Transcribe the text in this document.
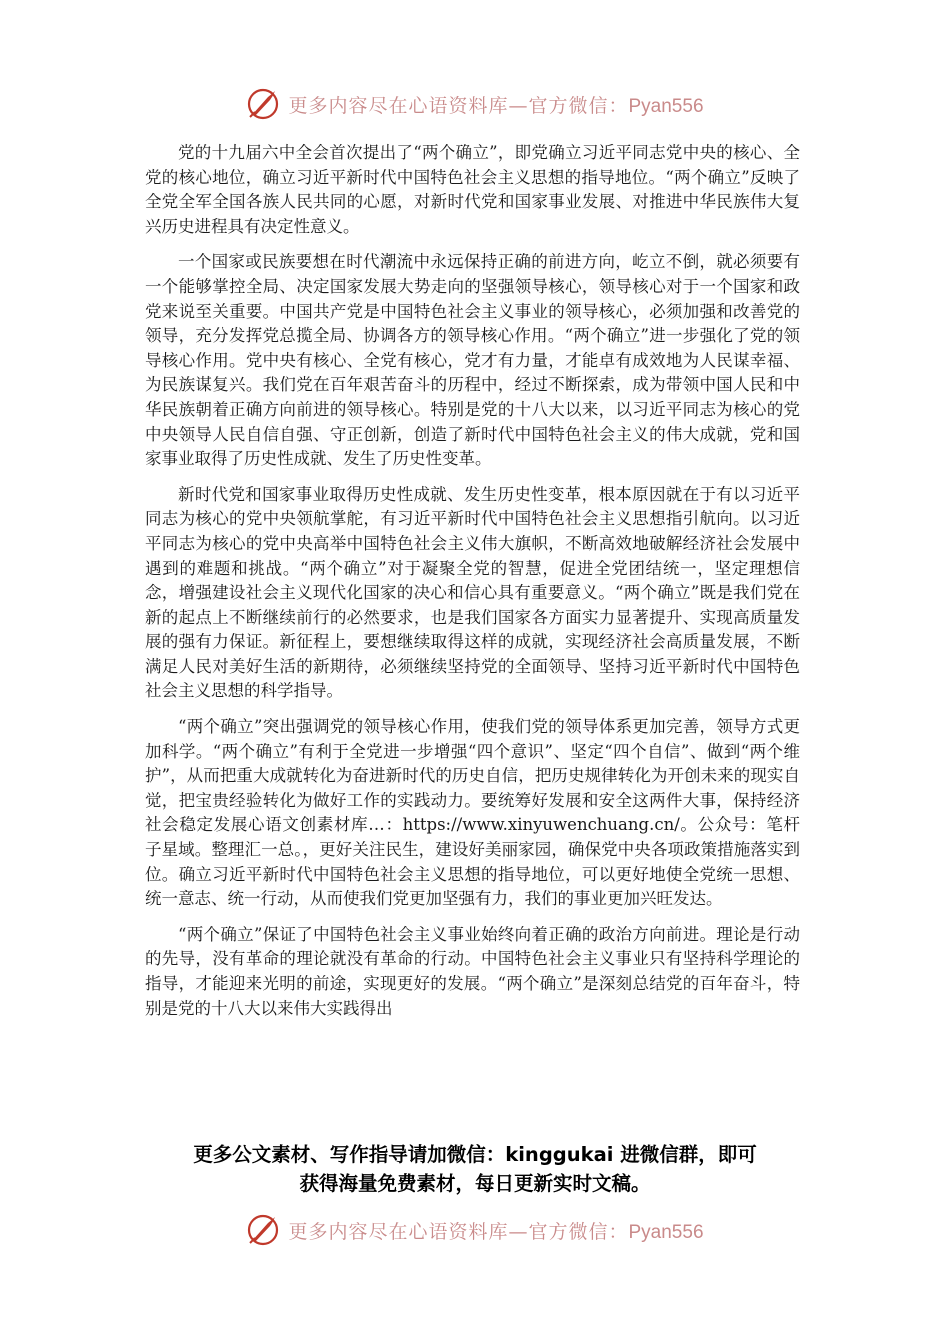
更多内容尽在心语资料库—官方微信：Pyan556

党的十九届六中全会首次提出了“两个确立”，即党确立习近平同志党中央的核心、全党的核心地位，确立习近平新时代中国特色社会主义思想的指导地位。“两个确立”反映了全党全军全国各族人民共同的心愿，对新时代党和国家事业发展、对推进中华民族伟大复兴历史进程具有决定性意义。

一个国家或民族要想在时代潮流中永远保持正确的前进方向，屹立不倒，就必须要有一个能够掌控全局、决定国家发展大势走向的坚强领导核心，领导核心对于一个国家和政党来说至关重要。中国共产党是中国特色社会主义事业的领导核心，必须加强和改善党的领导，充分发挥党总揽全局、协调各方的领导核心作用。“两个确立”进一步强化了党的领导核心作用。党中央有核心、全党有核心，党才有力量，才能卓有成效地为人民谋幸福、为民族谋复兴。我们党在百年艰苦奋斗的历程中，经过不断探索，成为带领中国人民和中华民族朝着正确方向前进的领导核心。特别是党的十八大以来，以习近平同志为核心的党中央领导人民自信自强、守正创新，创造了新时代中国特色社会主义的伟大成就，党和国家事业取得了历史性成就、发生了历史性变革。

新时代党和国家事业取得历史性成就、发生历史性变革，根本原因就在于有以习近平同志为核心的党中央领航掌舵，有习近平新时代中国特色社会主义思想指引航向。以习近平同志为核心的党中央高举中国特色社会主义伟大旗帜，不断高效地破解经济社会发展中遇到的难题和挑战。“两个确立”对于凝聚全党的智慧，促进全党团结统一，坚定理想信念，增强建设社会主义现代化国家的决心和信心具有重要意义。“两个确立”既是我们党在新的起点上不断继续前行的必然要求，也是我们国家各方面实力显著提升、实现高质量发展的强有力保证。新征程上，要想继续取得这样的成就，实现经济社会高质量发展，不断满足人民对美好生活的新期待，必须继续坚持党的全面领导、坚持习近平新时代中国特色社会主义思想的科学指导。

“两个确立”突出强调党的领导核心作用，使我们党的领导体系更加完善，领导方式更加科学。“两个确立”有利于全党进一步增强“四个意识”、坚定“四个自信”、做到“两个维护”，从而把重大成就转化为奋进新时代的历史自信，把历史规律转化为开创未来的现实自觉，把宝贵经验转化为做好工作的实践动力。要统筹好发展和安全这两件大事，保持经济社会稳定发展心语文创素材库…：https://www.xinyuwenchuang.cn/。公众号：笔杆子星域。整理汇一总。，更好关注民生，建设好美丽家园，确保党中央各项政策措施落实到位。确立习近平新时代中国特色社会主义思想的指导地位，可以更好地使全党统一思想、统一意志、统一行动，从而使我们党更加坚强有力，我们的事业更加兴旺发达。

“两个确立”保证了中国特色社会主义事业始终向着正确的政治方向前进。理论是行动的先导，没有革命的理论就没有革命的行动。中国特色社会主义事业只有坚持科学理论的指导，才能迎来光明的前途，实现更好的发展。“两个确立”是深刻总结党的百年奋斗，特别是党的十八大以来伟大实践得出

更多公文素材、写作指导请加微信：kinggukai 进微信群，即可
获得海量免费素材，每日更新实时文稿。
更多内容尽在心语资料库—官方微信：Pyan556
